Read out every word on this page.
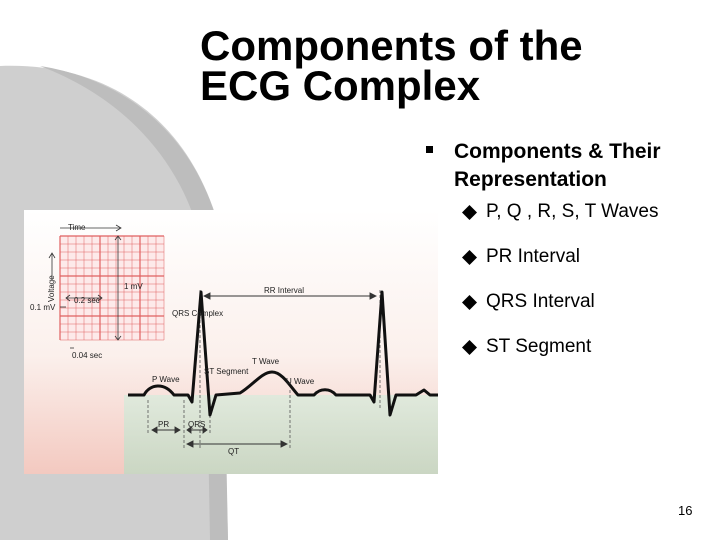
Components of the
ECG Complex
Components & Their
Representation
P, Q , R, S, T Waves
PR Interval
QRS Interval
ST Segment
Time
Voltage	1 mV
0.2 sec
0.1 mV
0.04 sec
RR Interval
QRS Complex
T Wave
ST Segment
P Wave	U Wave
PR QRS
QT
16
